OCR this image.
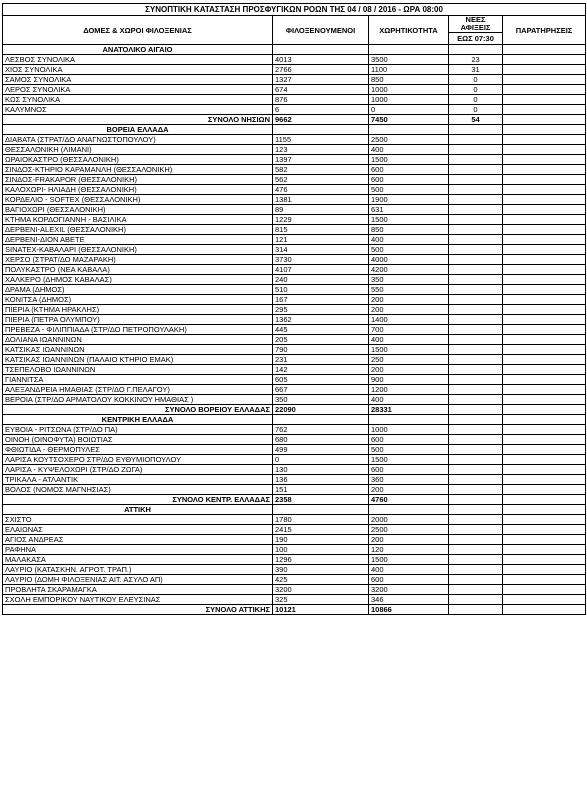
ΣΥΝΟΠΤΙΚΗ ΚΑΤΑΣΤΑΣΗ ΠΡΟΣΦΥΓΙΚΩΝ ΡΟΩΝ ΤΗΣ 04 / 08 / 2016 - ΩΡΑ 08:00				
ΔΟΜΕΣ & ΧΩΡΟΙ ΦΙΛΟΞΕΝΙΑΣ	ΦΙΛΟΞΕΝΟΥΜΕΝΟΙ	ΧΩΡΗΤΙΚΟΤΗΤΑ	ΝΕΕΣ ΑΦΙΞΕΙΣ	ΠΑΡΑΤΗΡΗΣΕΙΣ
			ΕΩΣ 07:30	
ΑΝΑΤΟΛΙΚΟ ΑΙΓΑΙΟ				
ΛΕΣΒΟΣ ΣΥΝΟΛΙΚΑ	4013	3500	23	
ΧΙΟΣ ΣΥΝΟΛΙΚΑ	2766	1100	31	
ΣΑΜΟΣ ΣΥΝΟΛΙΚΑ	1327	850	0	
ΛΕΡΟΣ ΣΥΝΟΛΙΚΑ	674	1000	0	
ΚΩΣ ΣΥΝΟΛΙΚΑ	876	1000	0	
ΚΑΛΥΜΝΟΣ	6	0	0	
ΣΥΝΟΛΟ ΝΗΣΙΩΝ	9662	7450	54	
ΒΟΡΕΙΑ ΕΛΛΑΔΑ				
ΔΙΑΒΑΤΑ (ΣΤΡΑΤ/ΔΟ ΑΝΑΓΝΩΣΤΟΠΟΥΛΟΥ)	1155	2500		
ΘΕΣΣΑΛΟΝΙΚΗ (ΛΙΜΑΝΙ)	123	400		
ΩΡΑΙΟΚΑΣΤΡΟ (ΘΕΣΣΑΛΟΝΙΚΗ)	1397	1500		
ΣΙΝΔΟΣ-ΚΤΗΡΙΟ ΚΑΡΑΜΑΝΛΗ (ΘΕΣΣΑΛΟΝΙΚΗ)	582	600		
ΣΙΝΔΟΣ-FRAKAPOR (ΘΕΣΣΑΛΟΝΙΚΗ)	562	600		
ΚΑΛΟΧΩΡΙ- ΗΛΙΑΔΗ (ΘΕΣΣΑΛΟΝΙΚΗ)	476	500		
ΚΟΡΔΕΛΙΟ - SOFTEX (ΘΕΣΣΑΛΟΝΙΚΗ)	1381	1900		
ΒΑΓΙΟΧΩΡΙ (ΘΕΣΣΑΛΟΝΙΚΗ)	89	631		
ΚΤΗΜΑ ΚΟΡΔΟΓΙΑΝΝΗ - ΒΑΣΙΛΙΚΑ	1229	1500		
ΔΕΡΒΕΝΙ-ALEXIL (ΘΕΣΣΑΛΟΝΙΚΗ)	815	850		
ΔΕΡΒΕΝΙ-ΔΙΟΝ ΑΒΕΤΕ	121	400		
SINATEX-ΚΑΒΑΛΑΡΙ (ΘΕΣΣΑΛΟΝΙΚΗ)	314	500		
ΧΕΡΣΟ (ΣΤΡΑΤ/ΔΟ ΜΑΖΑΡΑΚΗ)	3730	4000		
ΠΟΛΥΚΑΣΤΡΟ (ΝΕΑ ΚΑΒΑΛΑ)	4107	4200		
ΧΑΛΚΕΡΟ (ΔΗΜΟΣ ΚΑΒΑΛΑΣ)	240	350		
ΔΡΑΜΑ (ΔΗΜΟΣ)	510	550		
ΚΟΝΙΤΣΑ (ΔΗΜΟΣ)	167	200		
ΠΙΕΡΙΑ (ΚΤΗΜΑ ΗΡΑΚΛΗΣ)	295	200		
ΠΙΕΡΙΑ (ΠΕΤΡΑ ΟΛΥΜΠΟΥ)	1362	1400		
ΠΡΕΒΕΖΑ - ΦΙΛΙΠΠΙΑΔΑ (ΣΤΡ/ΔΟ ΠΕΤΡΟΠΟΥΛΑΚΗ)	445	700		
ΔΟΛΙΑΝΑ ΙΩΑΝΝΙΝΩΝ	205	400		
ΚΑΤΣΙΚΑΣ ΙΩΑΝΝΙΝΩΝ	790	1500		
ΚΑΤΣΙΚΑΣ ΙΩΑΝΝΙΝΩΝ (ΠΑΛΑΙΟ ΚΤΗΡΙΟ ΕΜΑΚ)	231	250		
ΤΣΕΠΕΛΟΒΟ ΙΩΑΝΝΙΝΩΝ	142	200		
ΓΙΑΝΝΙΤΣΑ	605	900		
ΑΛΕΞΑΝΔΡΕΙΑ ΗΜΑΘΙΑΣ (ΣΤΡ/ΔΟ Γ.ΠΕΛΑΓΟΥ)	667	1200		
ΒΕΡΟΙΑ (ΣΤΡ/ΔΟ ΑΡΜΑΤΟΛΟΥ ΚΟΚΚΙΝΟΥ ΗΜΑΘΙΑΣ )	350	400		
ΣΥΝΟΛΟ ΒΟΡΕΙΟΥ ΕΛΛΑΔΑΣ	22090	28331		
ΚΕΝΤΡΙΚΗ ΕΛΛΑΔΑ				
ΕΥΒΟΙΑ - ΡΙΤΣΩΝΑ (ΣΤΡ/ΔΟ ΠΑ)	762	1000		
ΟΙΝΟΗ (ΟΙΝΟΦΥΤΑ) ΒΟΙΩΤΙΑΣ	680	600		
ΦΘΙΩΤΙΔΑ - ΘΕΡΜΟΠΥΛΕΣ	499	500		
ΛΑΡΙΣΑ ΚΟΥΤΣΟΧΕΡΟ ΣΤΡ/ΔΟ ΕΥΘΥΜΙΟΠΟΥΛΟΥ	0	1500		
ΛΑΡΙΣΑ - ΚΥΨΕΛΟΧΩΡΙ (ΣΤΡ/ΔΟ ΖΩΓΑ)	130	600		
ΤΡΙΚΑΛΑ - ΑΤΛΑΝΤΙΚ	136	360		
ΒΟΛΟΣ (ΝΟΜΟΣ ΜΑΓΝΗΣΙΑΣ)	151	200		
ΣΥΝΟΛΟ ΚΕΝΤΡ. ΕΛΛΑΔΑΣ	2358	4760		
ΑΤΤΙΚΗ				
ΣΧΙΣΤΟ	1780	2000		
ΕΛΑΙΩΝΑΣ	2415	2500		
ΑΓΙΟΣ ΑΝΔΡΕΑΣ	190	200		
ΡΑΦΗΝΑ	100	120		
ΜΑΛΑΚΑΣΑ	1296	1500		
ΛΑΥΡΙΟ (ΚΑΤΑΣΚΗΝ. ΑΓΡΟΤ. ΤΡΑΠ.)	390	400		
ΛΑΥΡΙΟ (ΔΟΜΗ ΦΙΛΟΞΕΝΙΑΣ ΑΙΤ. ΑΣΥΛΟ ΑΠ)	425	600		
ΠΡΟΒΛΗΤΑ ΣΚΑΡΑΜΑΓΚΑ	3200	3200		
ΣΧΟΛΗ ΕΜΠΟΡΙΚΟΥ ΝΑΥΤΙΚΟΥ ΕΛΕΥΣΙΝΑΣ	325	346		
ΣΥΝΟΛΟ ΑΤΤΙΚΗΣ	10121	10866		
